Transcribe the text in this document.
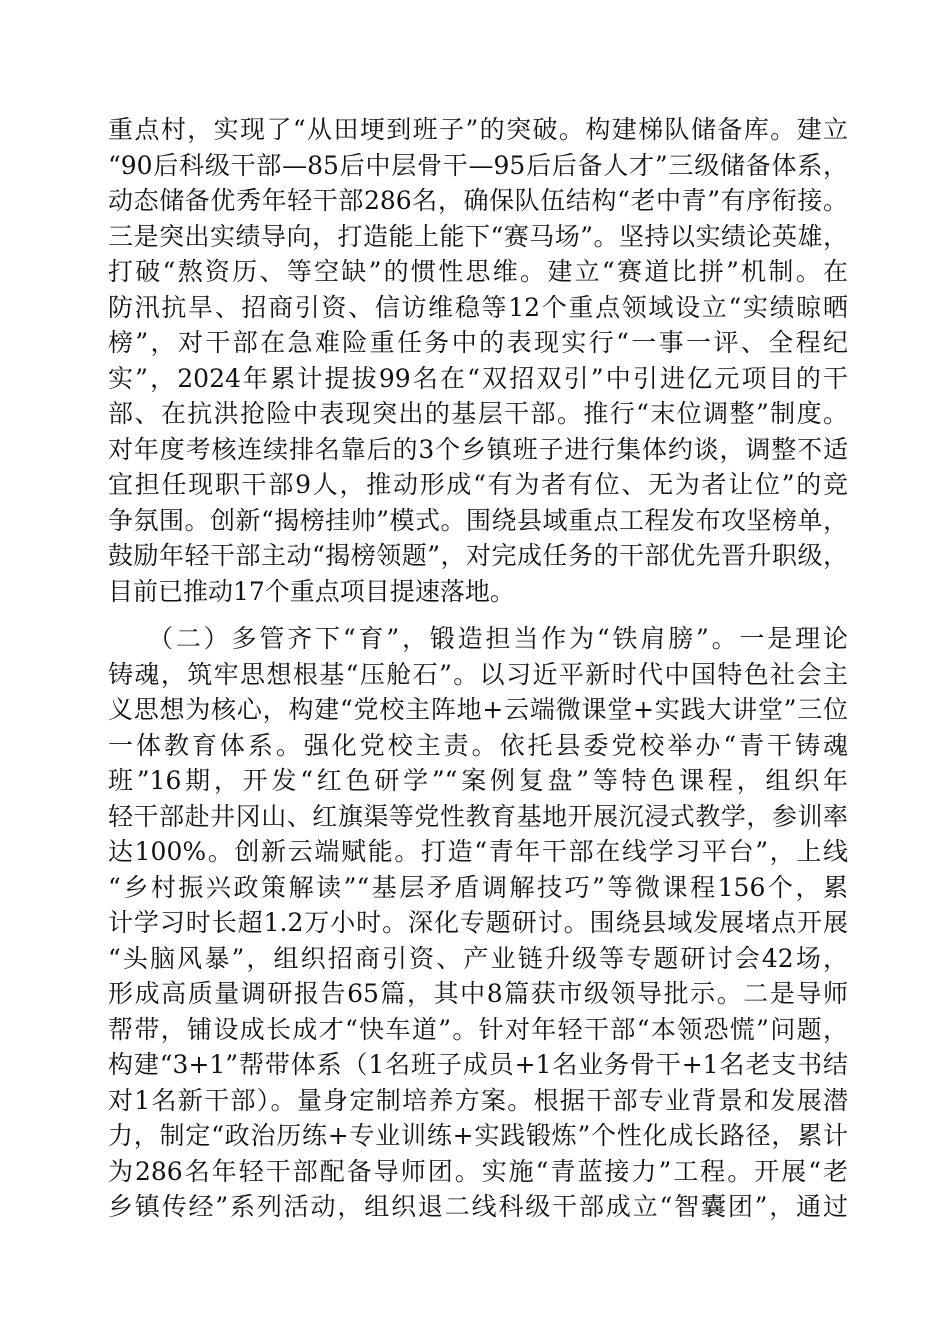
重点村，实现了“从田埂到班子”的突破。构建梯队储备库。建立
“90后科级干部—85后中层骨干—95后后备人才”三级储备体系，
动态储备优秀年轻干部286名，确保队伍结构“老中青”有序衔接。
三是突出实绩导向，打造能上能下“赛马场”。坚持以实绩论英雄，
打破“熬资历、等空缺”的惯性思维。建立“赛道比拼”机制。在
防汛抗旱、招商引资、信访维稳等12个重点领域设立“实绩晾晒
榜”，对干部在急难险重任务中的表现实行“一事一评、全程纪
实”，2024年累计提拔99名在“双招双引”中引进亿元项目的干
部、在抗洪抢险中表现突出的基层干部。推行“末位调整”制度。
对年度考核连续排名靠后的3个乡镇班子进行集体约谈，调整不适
宜担任现职干部9人，推动形成“有为者有位、无为者让位”的竞
争氛围。创新“揭榜挂帅”模式。围绕县域重点工程发布攻坚榜单，
鼓励年轻干部主动“揭榜领题”，对完成任务的干部优先晋升职级，
目前已推动17个重点项目提速落地。
（二）多管齐下“育”，锻造担当作为“铁肩膀”。一是理论
铸魂，筑牢思想根基“压舱石”。以习近平新时代中国特色社会主
义思想为核心，构建“党校主阵地+云端微课堂+实践大讲堂”三位
一体教育体系。强化党校主责。依托县委党校举办“青干铸魂
班”16期，开发“红色研学”“案例复盘”等特色课程，组织年
轻干部赴井冈山、红旗渠等党性教育基地开展沉浸式教学，参训率
达100%。创新云端赋能。打造“青年干部在线学习平台”，上线
“乡村振兴政策解读”“基层矛盾调解技巧”等微课程156个，累
计学习时长超1.2万小时。深化专题研讨。围绕县域发展堵点开展
“头脑风暴”，组织招商引资、产业链升级等专题研讨会42场，
形成高质量调研报告65篇，其中8篇获市级领导批示。二是导师
帮带，铺设成长成才“快车道”。针对年轻干部“本领恐慌”问题，
构建“3+1”帮带体系（1名班子成员+1名业务骨干+1名老支书结
对1名新干部）。量身定制培养方案。根据干部专业背景和发展潜
力，制定“政治历练+专业训练+实践锻炼”个性化成长路径，累计
为286名年轻干部配备导师团。实施“青蓝接力”工程。开展“老
乡镇传经”系列活动，组织退二线科级干部成立“智囊团”，通过
